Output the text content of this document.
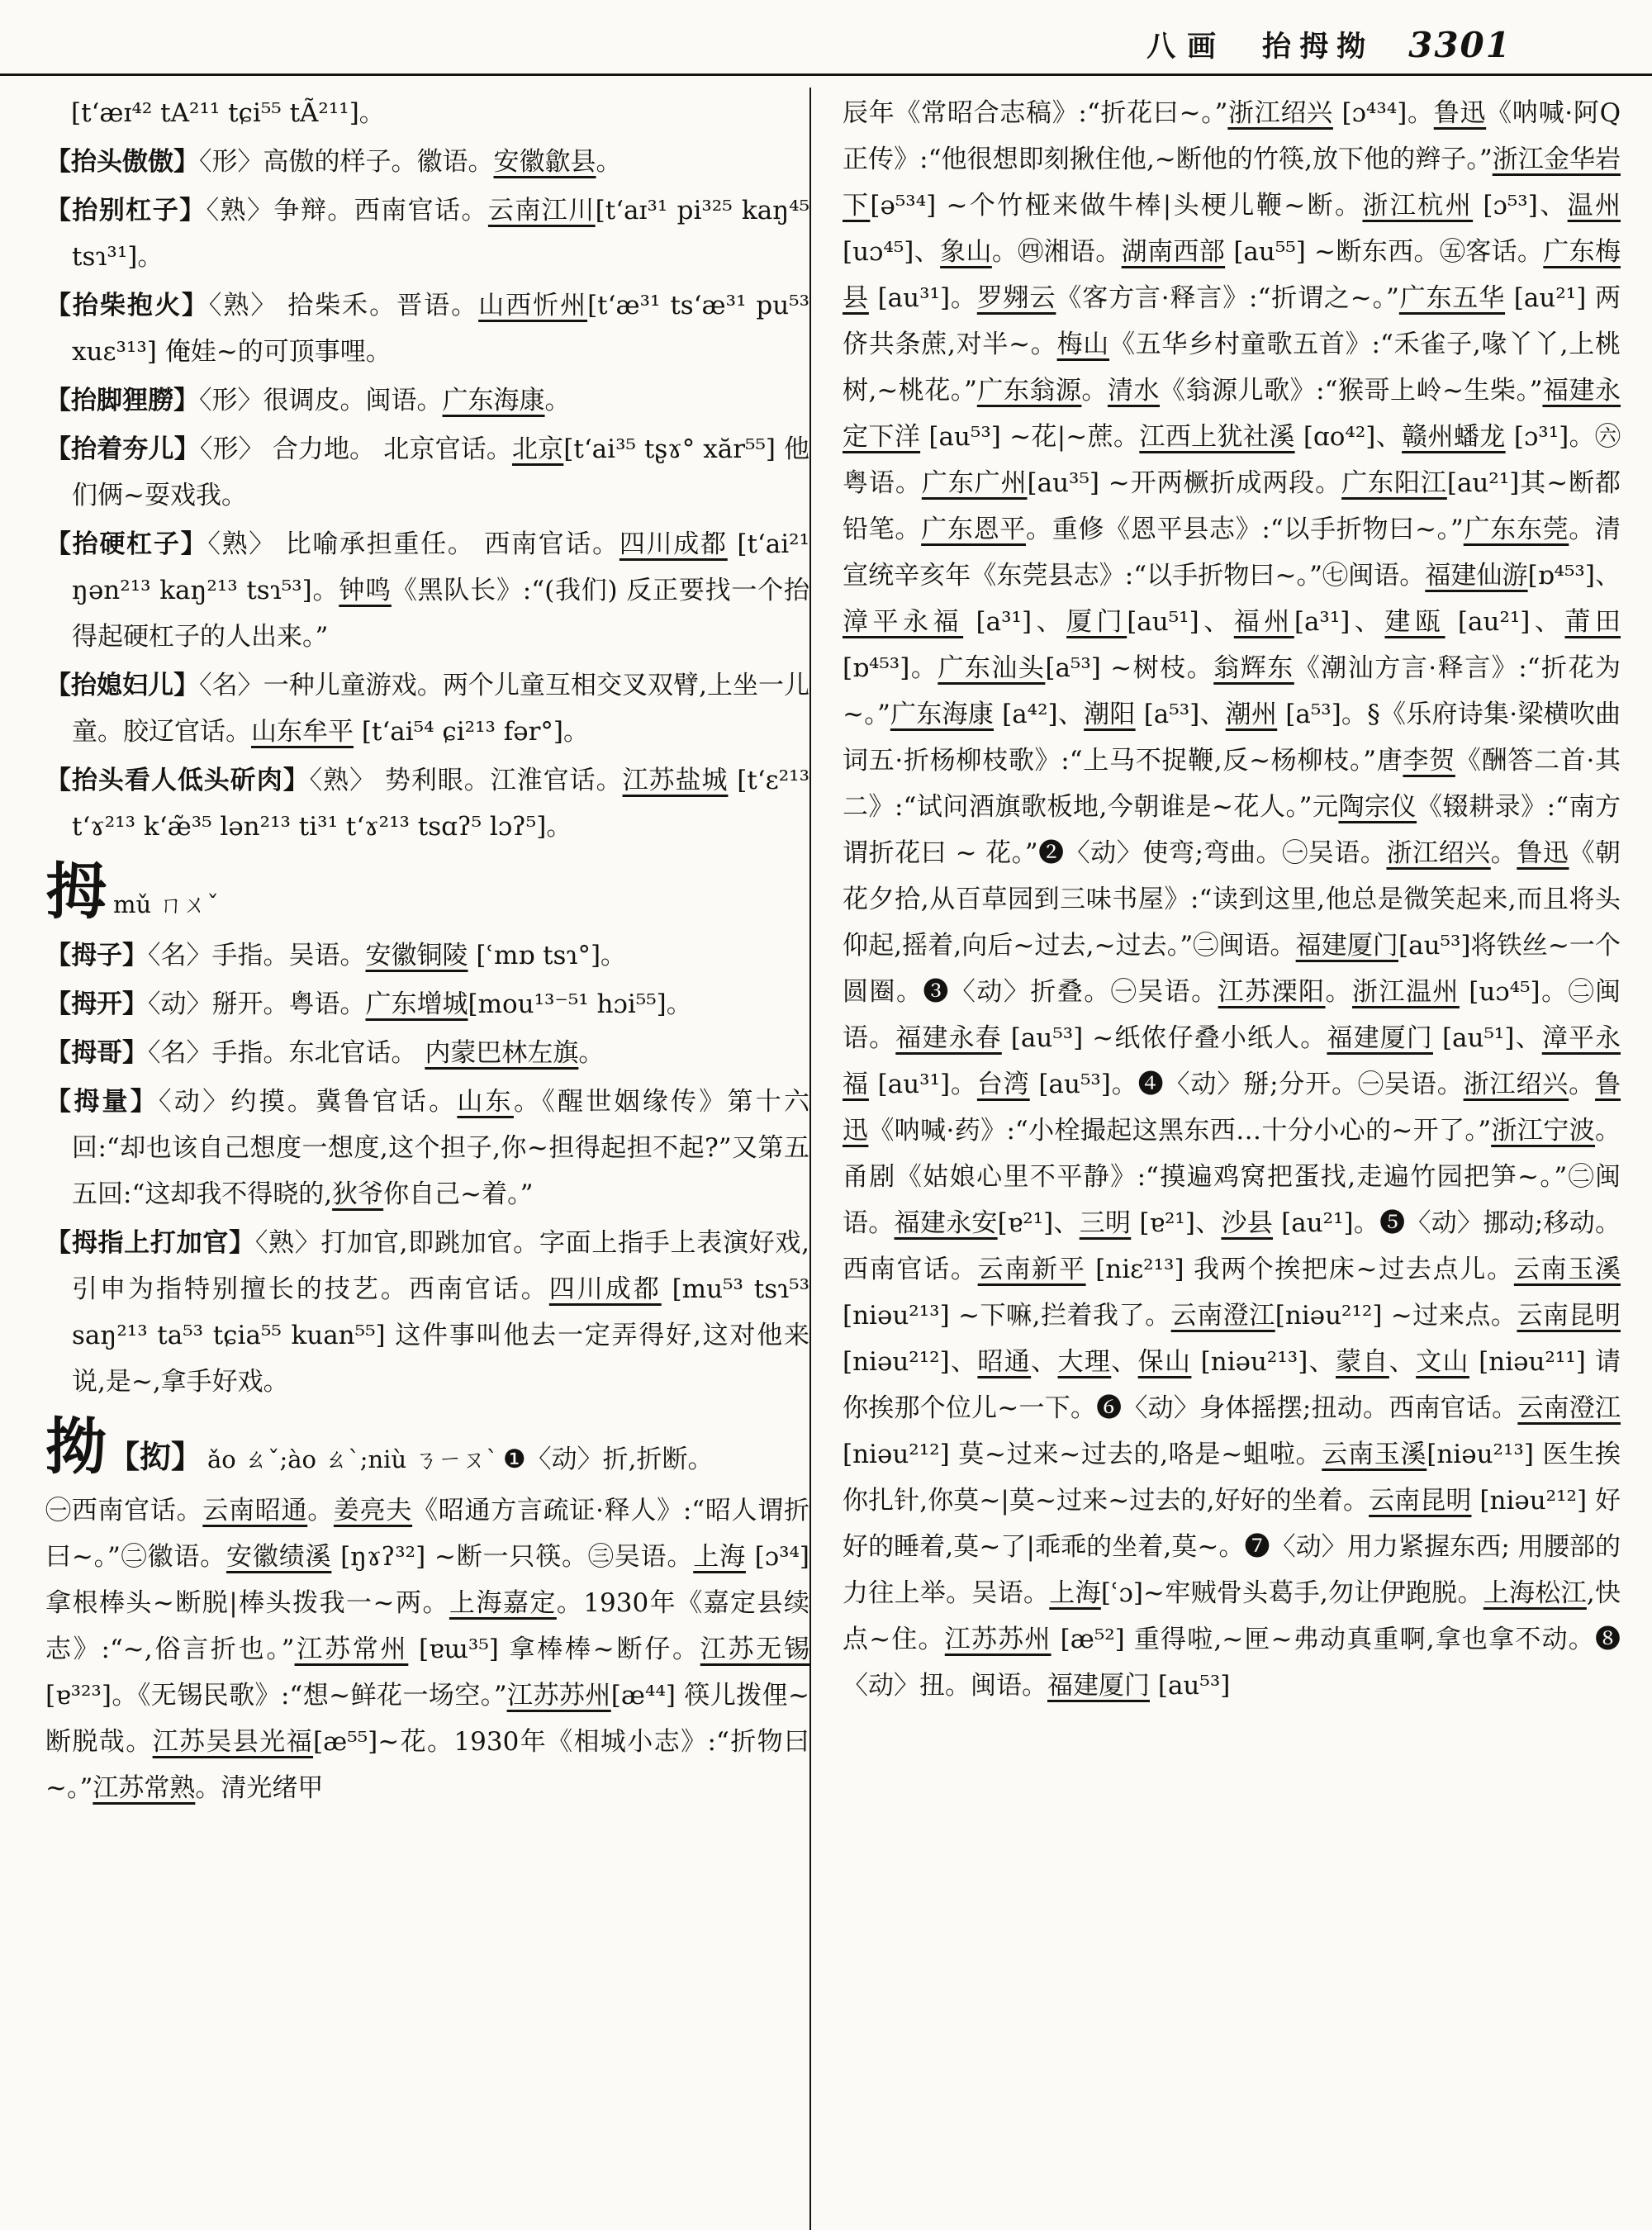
八画 抬拇拗 3301
[t‘æɪ⁴² tA²¹¹ tɕi⁵⁵ tÃ²¹¹]。
【抬头傲傲】〈形〉高傲的样子。徽语。安徽歙县。
【抬别杠子】〈熟〉争辩。西南官话。云南江川[t‘aɪ³¹ pi³²⁵ kaŋ⁴⁵ tsɿ³¹]。
【抬柴抱火】〈熟〉 拾柴禾。晋语。山西忻州[t‘æ³¹ ts‘æ³¹ pu⁵³ xuɛ³¹³] 俺娃~的可顶事哩。
【抬脚狸朥】〈形〉很调皮。闽语。广东海康。
【抬着夯儿】〈形〉 合力地。 北京官话。北京[t‘ai³⁵ tʂɤ° xăr⁵⁵] 他们俩~耍戏我。
【抬硬杠子】〈熟〉 比喻承担重任。 西南官话。四川成都 [t‘ai²¹ ŋən²¹³ kaŋ²¹³ tsɿ⁵³]。钟鸣《黑队长》:“(我们) 反正要找一个抬得起硬杠子的人出来。”
【抬媳妇儿】〈名〉一种儿童游戏。两个儿童互相交叉双臂,上坐一儿童。胶辽官话。山东牟平 [t‘ai⁵⁴ ɕi²¹³ fər°]。
【抬头看人低头斫肉】〈熟〉 势利眼。江淮官话。江苏盐城 [t‘ɛ²¹³ t‘ɤ²¹³ k‘æ̃³⁵ lən²¹³ ti³¹ t‘ɤ²¹³ tsɑʔ⁵ lɔʔ⁵]。
拇mǔ ㄇㄨˇ
【拇子】〈名〉手指。吴语。安徽铜陵 [ʿmɒ tsɿ°]。
【拇开】〈动〉掰开。粤语。广东增城[mou¹³⁻⁵¹ hɔi⁵⁵]。
【拇哥】〈名〉手指。东北官话。 内蒙巴林左旗。
【拇量】〈动〉约摸。冀鲁官话。山东。《醒世姻缘传》第十六回:“却也该自己想度一想度,这个担子,你~担得起担不起?”又第五五回:“这却我不得晓的,狄爷你自己~着。”
【拇指上打加官】〈熟〉打加官,即跳加官。字面上指手上表演好戏,引申为指特别擅长的技艺。西南官话。四川成都 [mu⁵³ tsɿ⁵³ saŋ²¹³ ta⁵³ tɕia⁵⁵ kuan⁵⁵] 这件事叫他去一定弄得好,这对他来说,是~,拿手好戏。
拗【抝】 ǎo ㄠˇ;ào ㄠˋ;niù ㄋㄧㄡˋ ❶〈动〉折,折断。
㊀西南官话。云南昭通。姜亮夫《昭通方言疏证·释人》:“昭人谓折曰~。”㊁徽语。安徽绩溪 [ŋɤʔ³²] ~断一只筷。㊂吴语。上海 [ɔ³⁴] 拿根棒头~断脱|棒头拨我一~两。上海嘉定。1930年《嘉定县续志》:“~,俗言折也。”江苏常州 [ɐɯ³⁵] 拿棒棒~断仔。江苏无锡[ɐ³²³]。《无锡民歌》:“想~鲜花一场空。”江苏苏州[æ⁴⁴] 筷儿拨俚~断脱哉。江苏吴县光福[æ⁵⁵]~花。1930年《相城小志》:“折物曰~。”江苏常熟。清光绪甲
辰年《常昭合志稿》:“折花曰~。”浙江绍兴 [ɔ⁴³⁴]。鲁迅《呐喊·阿Q正传》:“他很想即刻揪住他,~断他的竹筷,放下他的辫子。”浙江金华岩下[ə⁵³⁴] ~个竹桠来做牛棒|头梗儿鞭~断。浙江杭州 [ɔ⁵³]、温州[uɔ⁴⁵]、象山。㊃湘语。湖南西部 [au⁵⁵] ~断东西。㊄客话。广东梅县 [au³¹]。罗翙云《客方言·释言》:“折谓之~。”广东五华 [au²¹] 两侪共条蔗,对半~。梅山《五华乡村童歌五首》:“禾雀子,喙丫丫,上桃树,~桃花。”广东翁源。清水《翁源儿歌》:“猴哥上岭~生柴。”福建永定下洋 [au⁵³] ~花|~蔗。江西上犹社溪 [ɑo⁴²]、赣州蟠龙 [ɔ³¹]。㊅粤语。广东广州[au³⁵] ~开两橛折成两段。广东阳江[au²¹]其~断都铅笔。广东恩平。重修《恩平县志》:“以手折物曰~。”广东东莞。清宣统辛亥年《东莞县志》:“以手折物曰~。”㊆闽语。福建仙游[ɒ⁴⁵³]、漳平永福 [a³¹]、厦门[au⁵¹]、福州[a³¹]、建瓯 [au²¹]、莆田 [ɒ⁴⁵³]。广东汕头[a⁵³] ~树枝。翁辉东《潮汕方言·释言》:“折花为~。”广东海康 [a⁴²]、潮阳 [a⁵³]、潮州 [a⁵³]。§《乐府诗集·梁横吹曲词五·折杨柳枝歌》:“上马不捉鞭,反~杨柳枝。”唐李贺《酬答二首·其二》:“试问酒旗歌板地,今朝谁是~花人。”元陶宗仪《辍耕录》:“南方谓折花曰 ~ 花。”❷〈动〉使弯;弯曲。㊀吴语。浙江绍兴。鲁迅《朝花夕拾,从百草园到三味书屋》:“读到这里,他总是微笑起来,而且将头仰起,摇着,向后~过去,~过去。”㊁闽语。福建厦门[au⁵³]将铁丝~一个圆圈。❸〈动〉折叠。㊀吴语。江苏溧阳。浙江温州 [uɔ⁴⁵]。㊁闽语。福建永春 [au⁵³] ~纸侬仔叠小纸人。福建厦门 [au⁵¹]、漳平永福 [au³¹]。台湾 [au⁵³]。❹〈动〉掰;分开。㊀吴语。浙江绍兴。鲁迅《呐喊·药》:“小栓撮起这黑东西…十分小心的~开了。”浙江宁波。甬剧《姑娘心里不平静》:“摸遍鸡窝把蛋找,走遍竹园把笋~。”㊁闽语。福建永安[ɐ²¹]、三明 [ɐ²¹]、沙县 [au²¹]。❺〈动〉挪动;移动。西南官话。云南新平 [niɛ²¹³] 我两个挨把床~过去点儿。云南玉溪 [niəu²¹³] ~下嘛,拦着我了。云南澄江[niəu²¹²] ~过来点。云南昆明 [niəu²¹²]、昭通、大理、保山 [niəu²¹³]、蒙自、文山 [niəu²¹¹] 请你挨那个位儿~一下。❻〈动〉身体摇摆;扭动。西南官话。云南澄江 [niəu²¹²] 莫~过来~过去的,咯是~蛆啦。云南玉溪[niəu²¹³] 医生挨你扎针,你莫~|莫~过来~过去的,好好的坐着。云南昆明 [niəu²¹²] 好好的睡着,莫~了|乖乖的坐着,莫~。❼〈动〉用力紧握东西; 用腰部的力往上举。吴语。上海[ʿɔ]~牢贼骨头葛手,勿让伊跑脱。上海松江,快点~住。江苏苏州 [æ⁵²] 重得啦,~匣~弗动真重啊,拿也拿不动。❽〈动〉扭。闽语。福建厦门 [au⁵³]
